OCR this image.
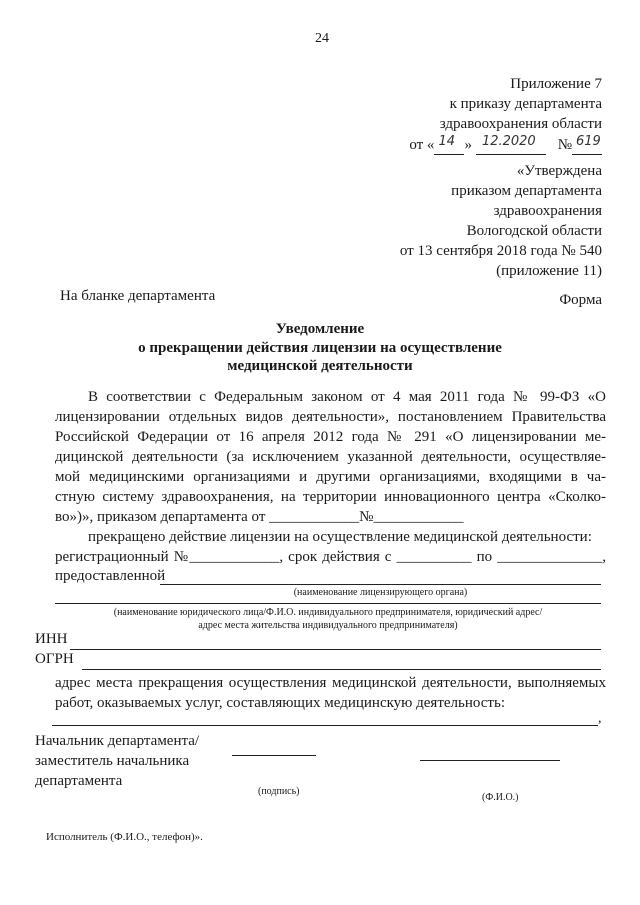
24
Приложение 7
к приказу департамента
здравоохранения области
от « 14 » 12.2020 № 619

«Утверждена
приказом департамента
здравоохранения
Вологодской области
от 13 сентября 2018 года № 540
(приложение 11)
Форма
На бланке департамента
Уведомление
о прекращении действия лицензии на осуществление
медицинской деятельности
В соответствии с Федеральным законом от 4 мая 2011 года № 99-ФЗ «О
лицензировании отдельных видов деятельности», постановлением Правительства
Российской Федерации от 16 апреля 2012 года № 291 «О лицензировании ме-
дицинской деятельности (за исключением указанной деятельности, осуществляе-
мой медицинскими организациями и другими организациями, входящими в ча-
стную систему здравоохранения, на территории инновационного центра «Сколко-
во»)», приказом департамента от ____________№____________
прекращено действие лицензии на осуществление медицинской деятельности:
регистрационный №____________, срок действия с __________ по ______________,
предоставленной
(наименование лицензирующего органа)
(наименование юридического лица/Ф.И.О. индивидуального предпринимателя, юридический адрес/
адрес места жительства индивидуального предпринимателя)
ИНН
ОГРН
адрес места прекращения осуществления медицинской деятельности, выполняемых
работ, оказываемых услуг, составляющих медицинскую деятельность:
,
Начальник департамента/
заместитель начальника
департамента
(подпись)
(Ф.И.О.)
Исполнитель (Ф.И.О., телефон)».
